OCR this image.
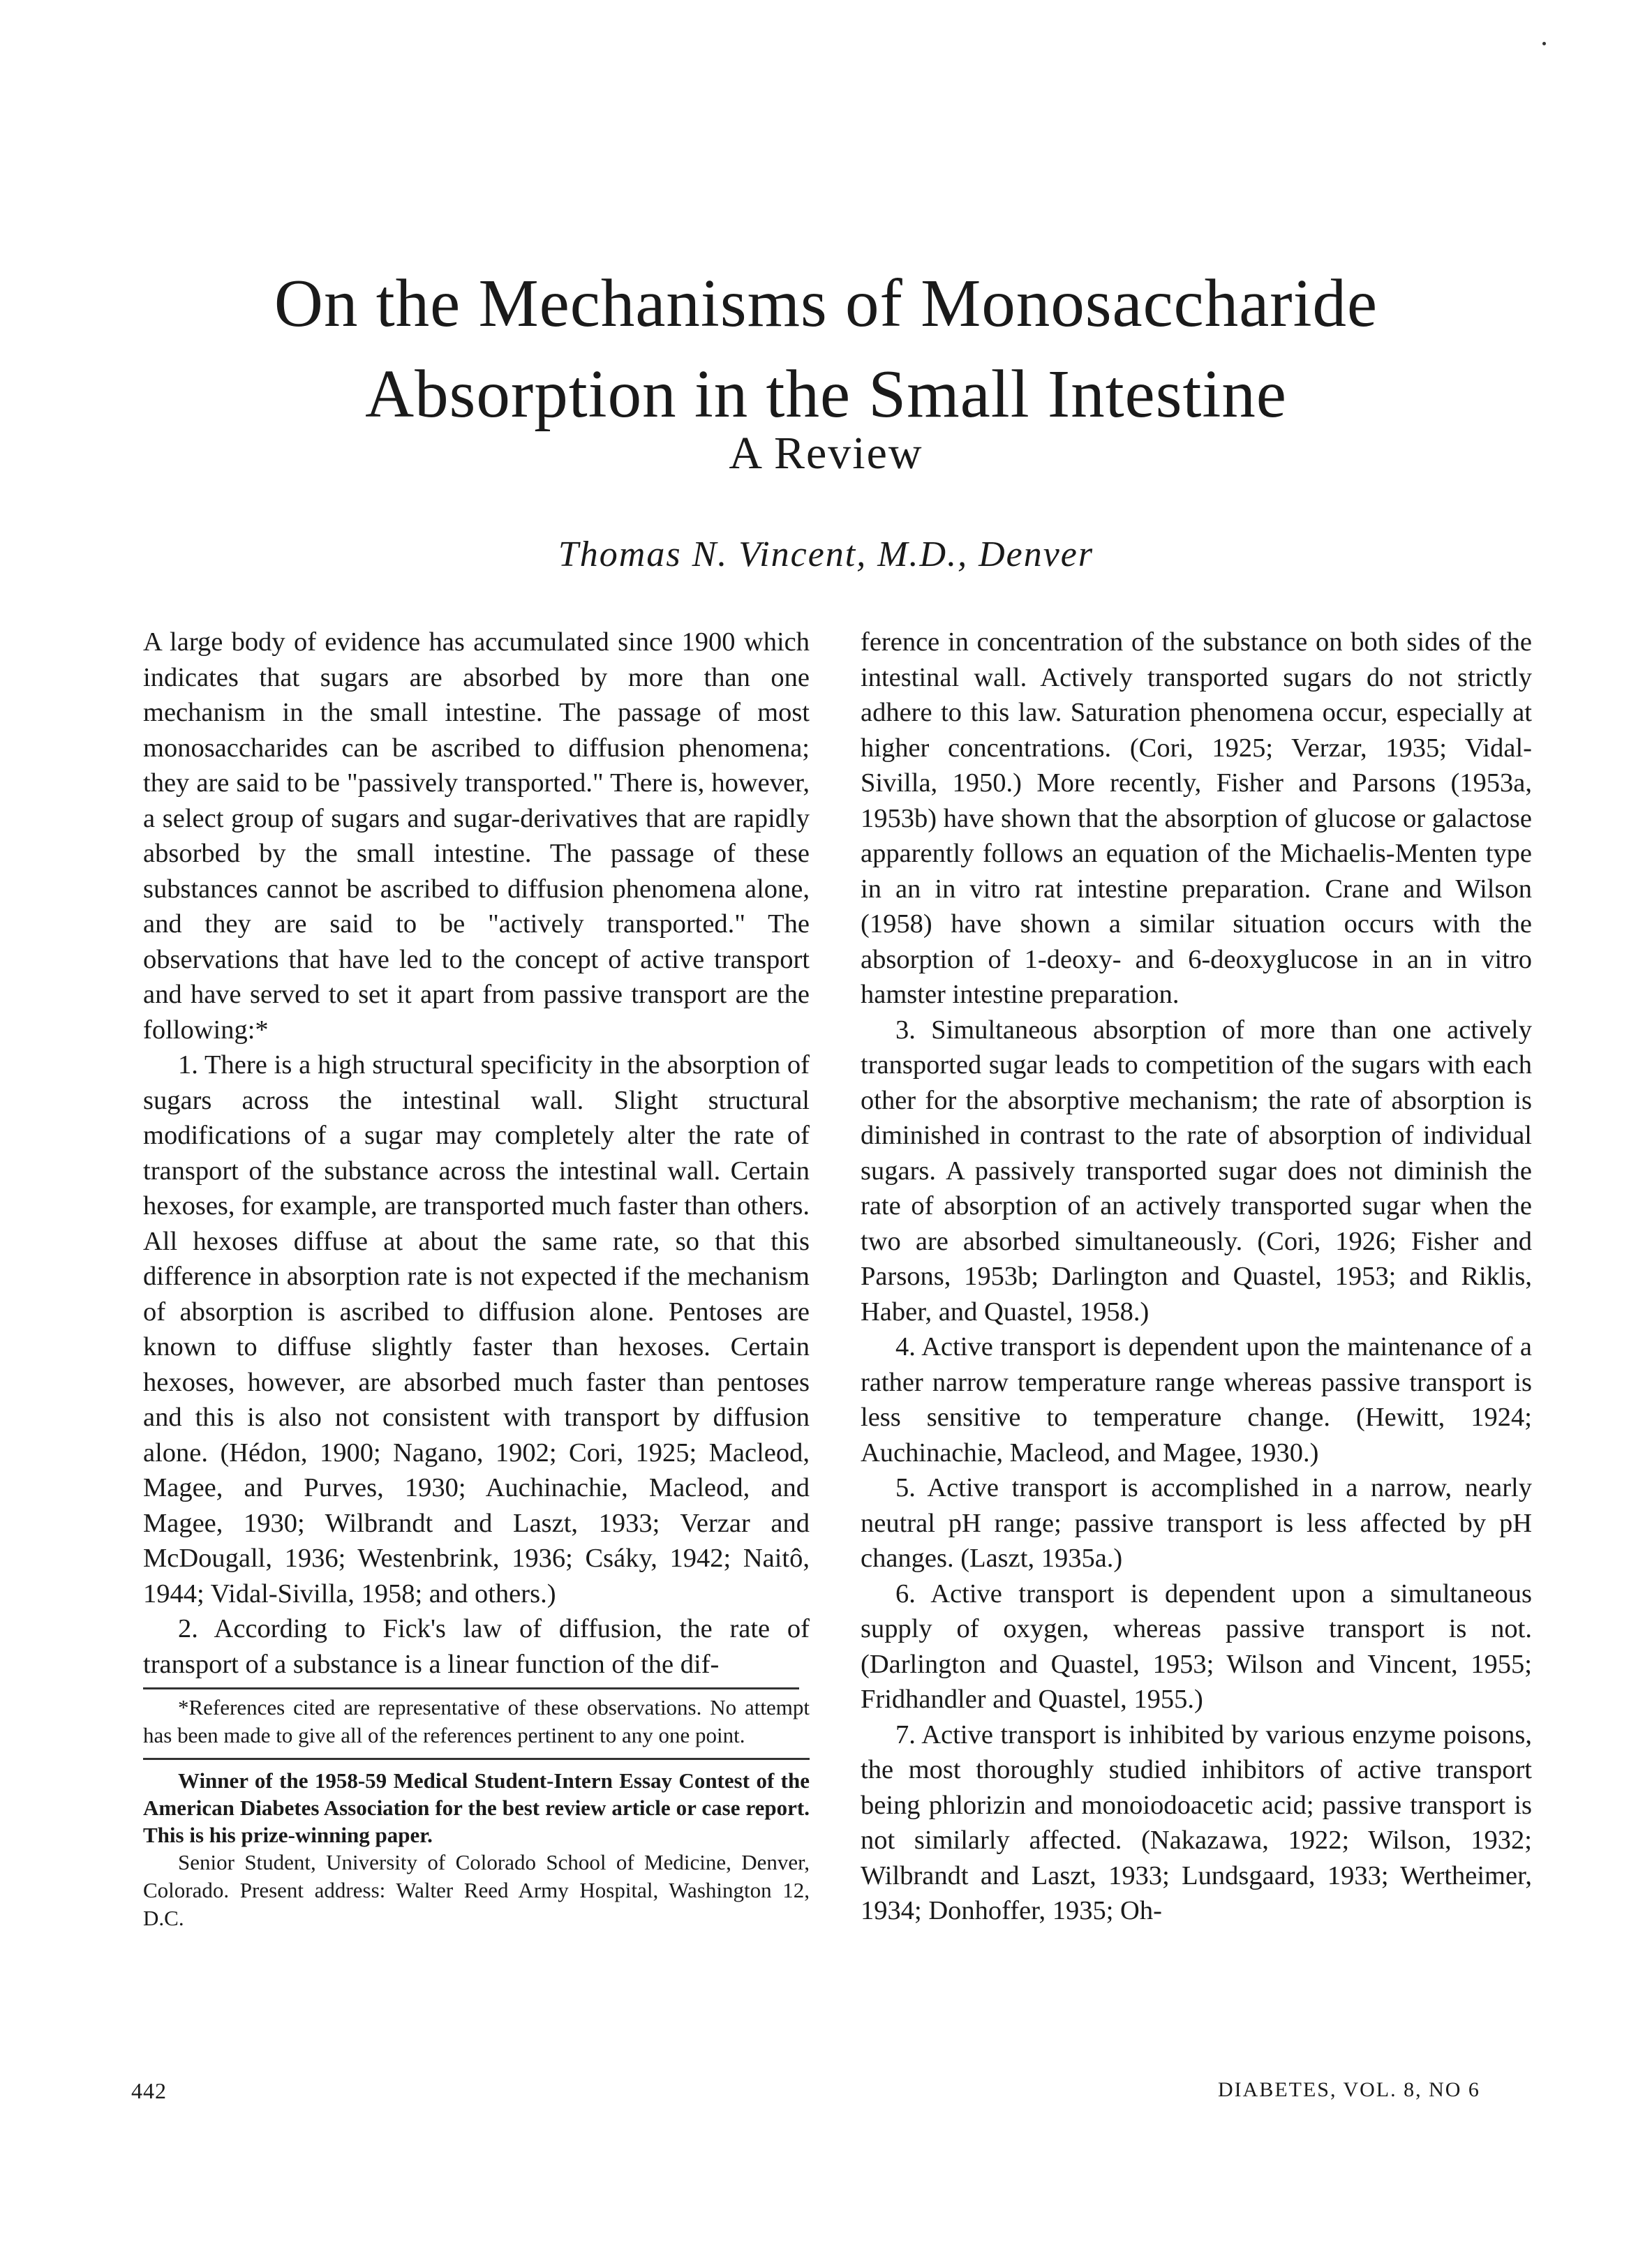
On the Mechanisms of Monosaccharide
Absorption in the Small Intestine
A Review
Thomas N. Vincent, M.D., Denver

A large body of evidence has accumulated since 1900 which indicates that sugars are absorbed by more than one mechanism in the small intestine. The passage of most monosaccharides can be ascribed to diffusion phenomena; they are said to be "passively transported." There is, however, a select group of sugars and sugar-derivatives that are rapidly absorbed by the small intestine. The passage of these substances cannot be ascribed to diffusion phenomena alone, and they are said to be "actively transported." The observations that have led to the concept of active transport and have served to set it apart from passive transport are the following:*

1. There is a high structural specificity in the absorption of sugars across the intestinal wall. Slight structural modifications of a sugar may completely alter the rate of transport of the substance across the intestinal wall. Certain hexoses, for example, are transported much faster than others. All hexoses diffuse at about the same rate, so that this difference in absorption rate is not expected if the mechanism of absorption is ascribed to diffusion alone. Pentoses are known to diffuse slightly faster than hexoses. Certain hexoses, however, are absorbed much faster than pentoses and this is also not consistent with transport by diffusion alone. (Hédon, 1900; Nagano, 1902; Cori, 1925; Macleod, Magee, and Purves, 1930; Auchinachie, Macleod, and Magee, 1930; Wilbrandt and Laszt, 1933; Verzar and McDougall, 1936; Westenbrink, 1936; Csáky, 1942; Naitô, 1944; Vidal-Sivilla, 1958; and others.)

2. According to Fick's law of diffusion, the rate of transport of a substance is a linear function of the dif-

*References cited are representative of these observations. No attempt has been made to give all of the references pertinent to any one point.

Winner of the 1958-59 Medical Student-Intern Essay Contest of the American Diabetes Association for the best review article or case report. This is his prize-winning paper.

Senior Student, University of Colorado School of Medicine, Denver, Colorado. Present address: Walter Reed Army Hospital, Washington 12, D.C.

ference in concentration of the substance on both sides of the intestinal wall. Actively transported sugars do not strictly adhere to this law. Saturation phenomena occur, especially at higher concentrations. (Cori, 1925; Verzar, 1935; Vidal-Sivilla, 1950.) More recently, Fisher and Parsons (1953a, 1953b) have shown that the absorption of glucose or galactose apparently follows an equation of the Michaelis-Menten type in an in vitro rat intestine preparation. Crane and Wilson (1958) have shown a similar situation occurs with the absorption of 1-deoxy- and 6-deoxyglucose in an in vitro hamster intestine preparation.

3. Simultaneous absorption of more than one actively transported sugar leads to competition of the sugars with each other for the absorptive mechanism; the rate of absorption is diminished in contrast to the rate of absorption of individual sugars. A passively transported sugar does not diminish the rate of absorption of an actively transported sugar when the two are absorbed simultaneously. (Cori, 1926; Fisher and Parsons, 1953b; Darlington and Quastel, 1953; and Riklis, Haber, and Quastel, 1958.)

4. Active transport is dependent upon the maintenance of a rather narrow temperature range whereas passive transport is less sensitive to temperature change. (Hewitt, 1924; Auchinachie, Macleod, and Magee, 1930.)

5. Active transport is accomplished in a narrow, nearly neutral pH range; passive transport is less affected by pH changes. (Laszt, 1935a.)

6. Active transport is dependent upon a simultaneous supply of oxygen, whereas passive transport is not. (Darlington and Quastel, 1953; Wilson and Vincent, 1955; Fridhandler and Quastel, 1955.)

7. Active transport is inhibited by various enzyme poisons, the most thoroughly studied inhibitors of active transport being phlorizin and monoiodoacetic acid; passive transport is not similarly affected. (Nakazawa, 1922; Wilson, 1932; Wilbrandt and Laszt, 1933; Lundsgaard, 1933; Wertheimer, 1934; Donhoffer, 1935; Oh-

442	DIABETES, VOL. 8, NO 6
